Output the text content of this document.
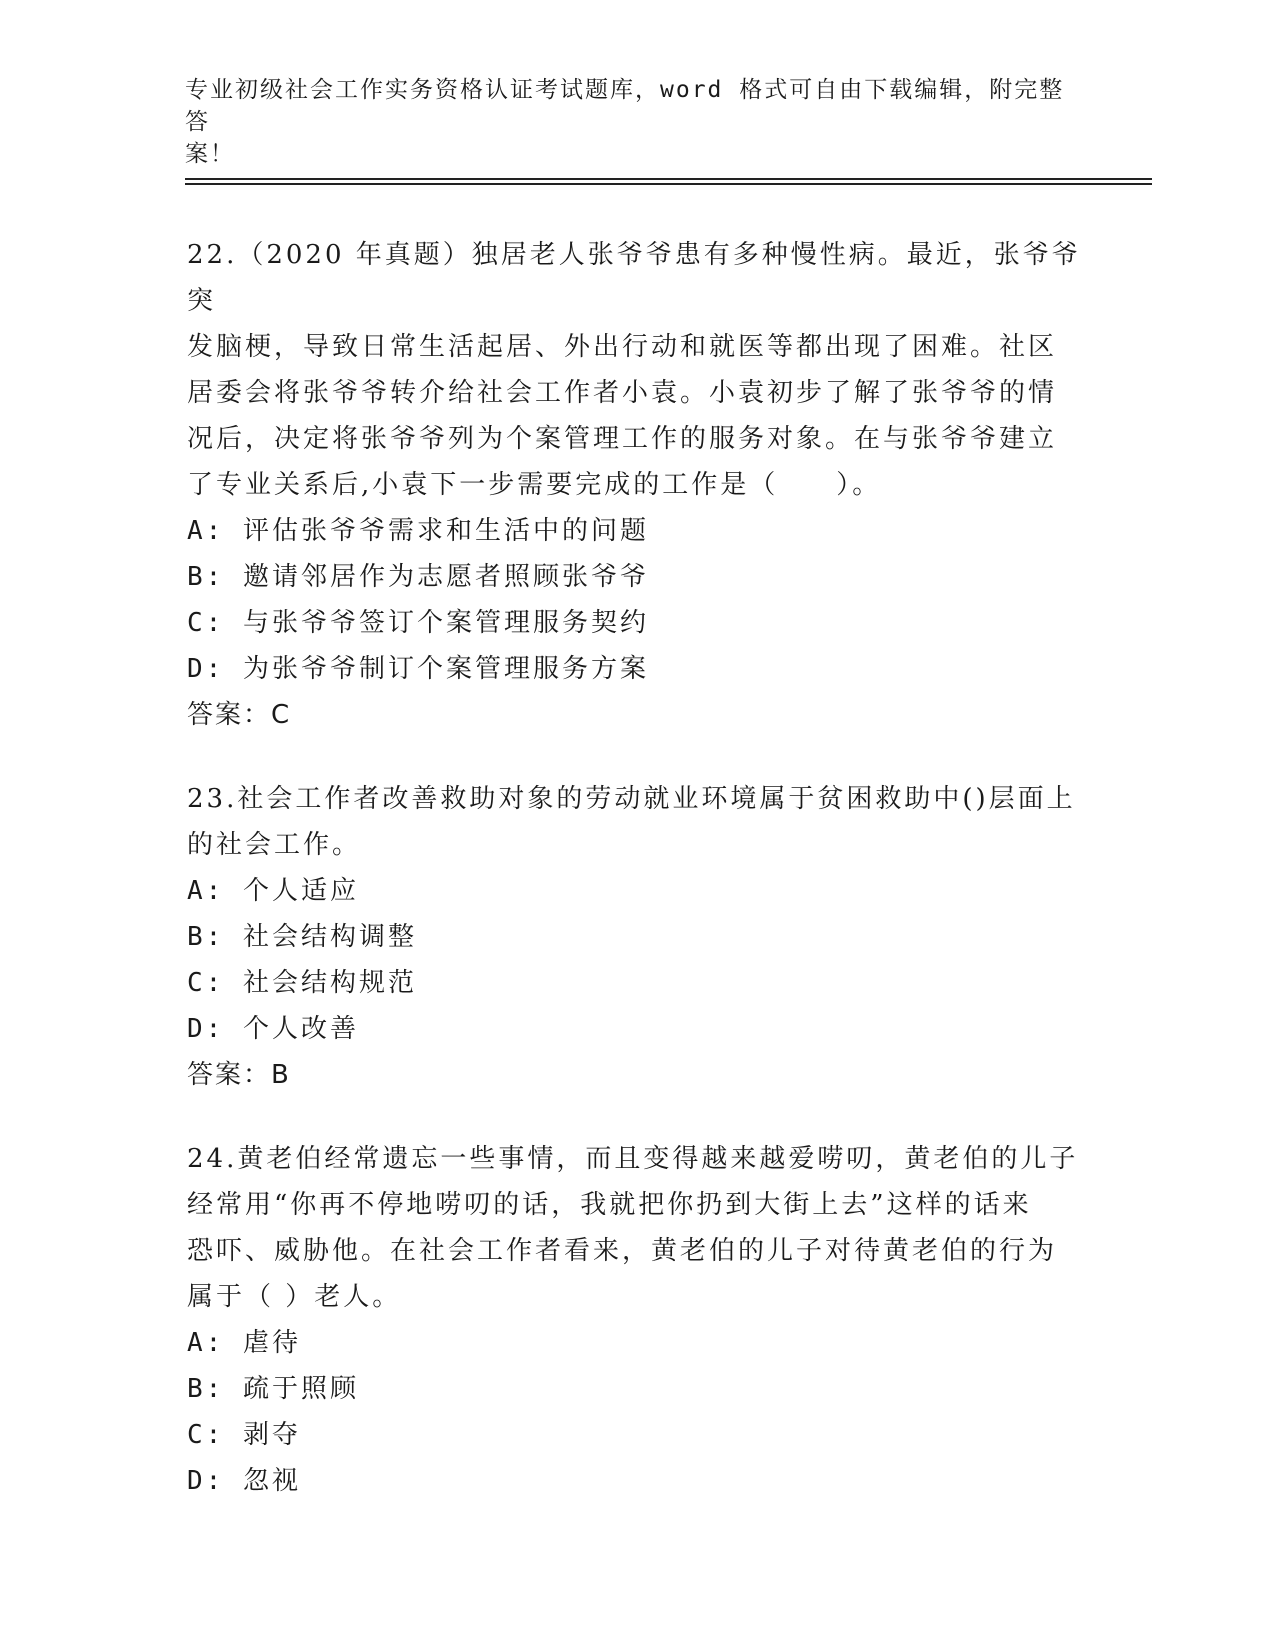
专业初级社会工作实务资格认证考试题库，word 格式可自由下载编辑，附完整答
案！

22.（2020 年真题）独居老人张爷爷患有多种慢性病。最近，张爷爷突

发脑梗，导致日常生活起居、外出行动和就医等都出现了困难。社区

居委会将张爷爷转介给社会工作者小袁。小袁初步了解了张爷爷的情

况后，决定将张爷爷列为个案管理工作的服务对象。在与张爷爷建立

了专业关系后,小袁下一步需要完成的工作是（　　）。

A: 评估张爷爷需求和生活中的问题

B: 邀请邻居作为志愿者照顾张爷爷

C: 与张爷爷签订个案管理服务契约

D: 为张爷爷制订个案管理服务方案

答案：C

23.社会工作者改善救助对象的劳动就业环境属于贫困救助中()层面上

的社会工作。

A: 个人适应

B: 社会结构调整

C: 社会结构规范

D: 个人改善

答案：B

24.黄老伯经常遗忘一些事情，而且变得越来越爱唠叨，黄老伯的儿子

经常用“你再不停地唠叨的话，我就把你扔到大街上去”这样的话来

恐吓、威胁他。在社会工作者看来，黄老伯的儿子对待黄老伯的行为

属于（ ）老人。

A: 虐待

B: 疏于照顾

C: 剥夺

D: 忽视
